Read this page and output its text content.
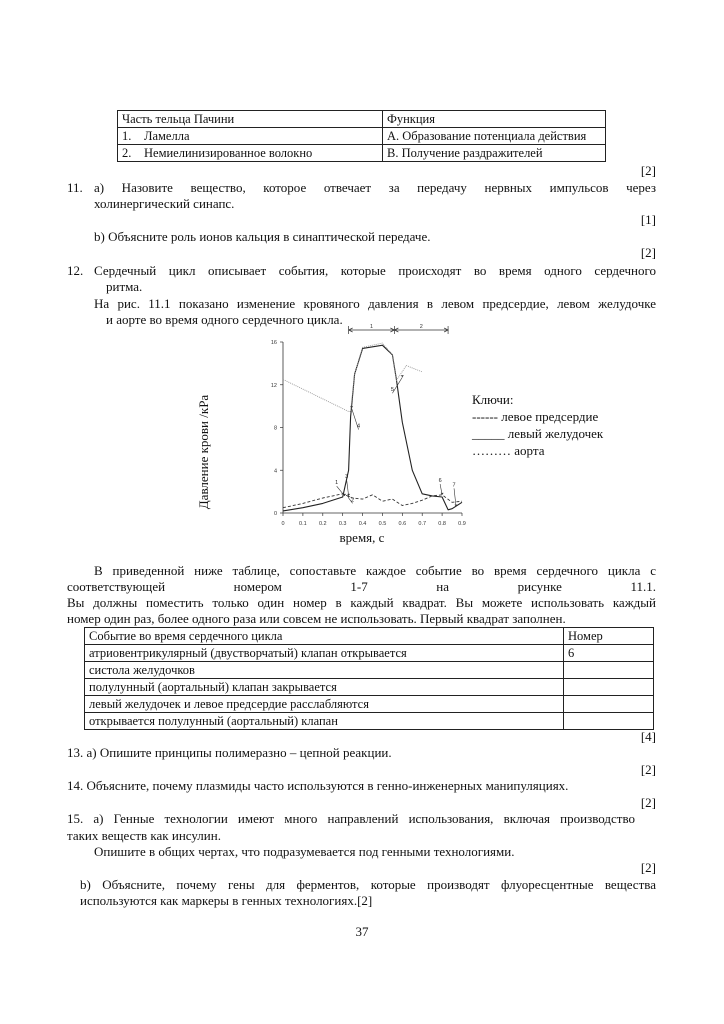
Часть тельца Пачини		Функция
1.	Ламелла	А. Образование потенциала действия
2.	Немиелинизированное волокно	В. Получение раздражителей
[2]
11. a) Назовите вещество, которое отвечает за передачу нервных импульсов через
холинергический синапс.
[1]
b) Объясните роль ионов кальция в синаптической передаче.
[2]
12. Сердечный цикл описывает события, которые происходят во время одного сердечного
ритма.
На рис. 11.1 показано изменение кровяного давления в левом предсердие, левом желудочке
и аорте во время одного сердечного цикла.
0	0.1 0.2 0.3 0.4 0.5 0.6 0.7 0.8 0.9
0
4
8
12
16
1	2
1
2
3
4
5
6
7
Давление крови /кPa
время, с
Ключи:
------ левое предсердие
_____ левый желудочек
……… аорта
В приведенной ниже таблице, сопоставьте каждое событие во время сердечного цикла с
соответствующей номером 1-7 на рисунке 11.1.
Вы должны поместить только один номер в каждый квадрат. Вы можете использовать каждый
номер один раз, более одного раза или совсем не использовать. Первый квадрат заполнен.
Событие во время сердечного цикла	Номер
атриовентрикулярный (двустворчатый) клапан открывается	6
систола желудочков	
полулунный (аортальный) клапан закрывается	
левый желудочек и левое предсердие расслабляются	
открывается полулунный (аортальный) клапан	
[4]
13. а) Опишите принципы полимеразно – цепной реакции.
[2]
14. Объясните, почему плазмиды часто используются в генно-инженерных манипуляциях.
[2]
15. a) Генные технологии имеют много направлений использования, включая производство
таких веществ как инсулин.
Опишите в общих чертах, что подразумевается под генными технологиями.
[2]
b) Объясните, почему гены для ферментов, которые производят флуоресцентные вещества
используются как маркеры в генных технологиях.[2]
37
